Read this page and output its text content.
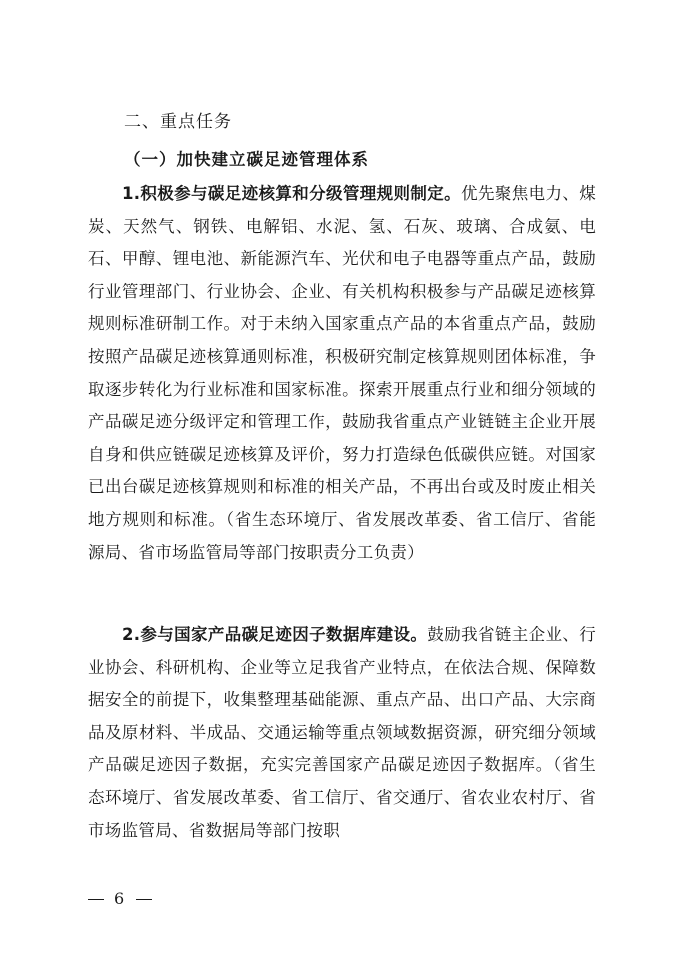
二、重点任务
（一）加快建立碳足迹管理体系
1.积极参与碳足迹核算和分级管理规则制定。优先聚焦电力、煤炭、天然气、钢铁、电解铝、水泥、氢、石灰、玻璃、合成氨、电石、甲醇、锂电池、新能源汽车、光伏和电子电器等重点产品，鼓励行业管理部门、行业协会、企业、有关机构积极参与产品碳足迹核算规则标准研制工作。对于未纳入国家重点产品的本省重点产品，鼓励按照产品碳足迹核算通则标准，积极研究制定核算规则团体标准，争取逐步转化为行业标准和国家标准。探索开展重点行业和细分领域的产品碳足迹分级评定和管理工作，鼓励我省重点产业链链主企业开展自身和供应链碳足迹核算及评价，努力打造绿色低碳供应链。对国家已出台碳足迹核算规则和标准的相关产品，不再出台或及时废止相关地方规则和标准。（省生态环境厅、省发展改革委、省工信厅、省能源局、省市场监管局等部门按职责分工负责）
2.参与国家产品碳足迹因子数据库建设。鼓励我省链主企业、行业协会、科研机构、企业等立足我省产业特点，在依法合规、保障数据安全的前提下，收集整理基础能源、重点产品、出口产品、大宗商品及原材料、半成品、交通运输等重点领域数据资源，研究细分领域产品碳足迹因子数据，充实完善国家产品碳足迹因子数据库。（省生态环境厅、省发展改革委、省工信厅、省交通厅、省农业农村厅、省市场监管局、省数据局等部门按职
6
